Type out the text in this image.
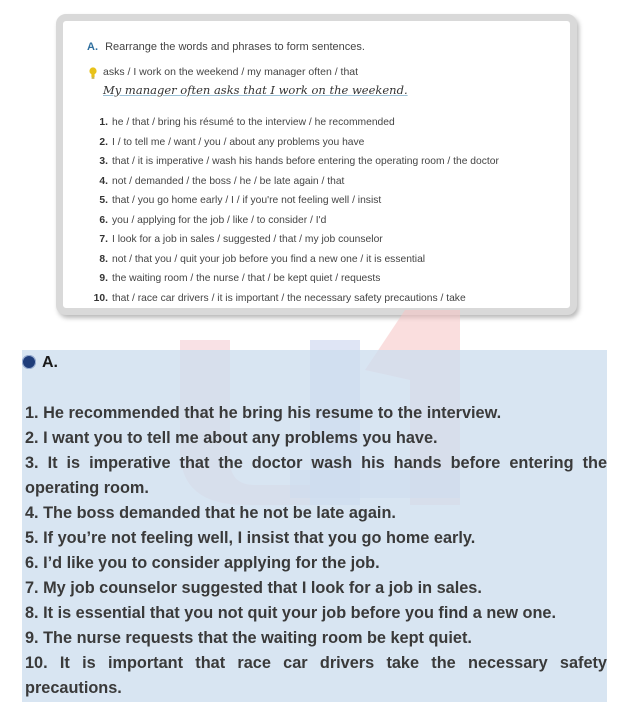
A. Rearrange the words and phrases to form sentences.
asks / I work on the weekend / my manager often / that
My manager often asks that I work on the weekend.
1. he / that / bring his résumé to the interview / he recommended
2. I / to tell me / want / you / about any problems you have
3. that / it is imperative / wash his hands before entering the operating room / the doctor
4. not / demanded / the boss / he / be late again / that
5. that / you go home early / I / if you're not feeling well / insist
6. you / applying for the job / like / to consider / I'd
7. I look for a job in sales / suggested / that / my job counselor
8. not / that you / quit your job before you find a new one / it is essential
9. the waiting room / the nurse / that / be kept quiet / requests
10. that / race car drivers / it is important / the necessary safety precautions / take
A.
1. He recommended that he bring his resume to the interview.
2. I want you to tell me about any problems you have.
3. It is imperative that the doctor wash his hands before entering the operating room.
4. The boss demanded that he not be late again.
5. If you’re not feeling well, I insist that you go home early.
6. I’d like you to consider applying for the job.
7. My job counselor suggested that I look for a job in sales.
8. It is essential that you not quit your job before you find a new one.
9. The nurse requests that the waiting room be kept quiet.
10. It is important that race car drivers take the necessary safety precautions.
